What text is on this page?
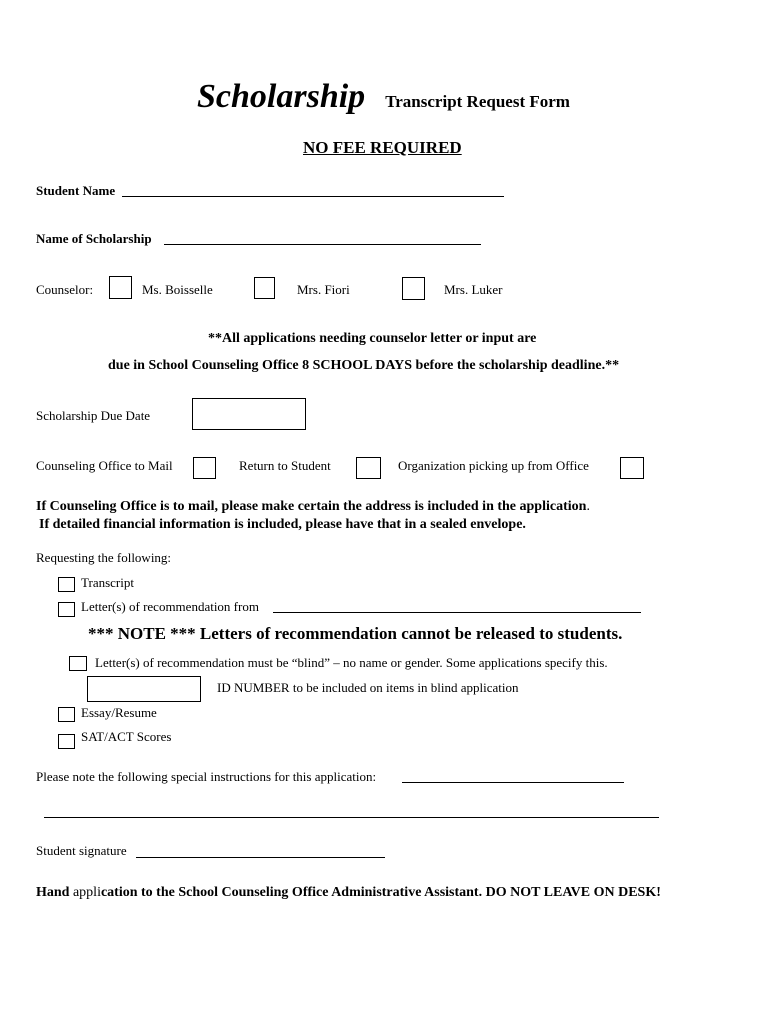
Scholarship Transcript Request Form
NO FEE REQUIRED
Student Name
Name of Scholarship
Counselor:	Ms. Boisselle	Mrs. Fiori	Mrs. Luker
**All applications needing counselor letter or input are
due in School Counseling Office 8 SCHOOL DAYS before the scholarship deadline.**
Scholarship Due Date
Counseling Office to Mail	Return to Student	Organization picking up from Office
If Counseling Office is to mail, please make certain the address is included in the application.
If detailed financial information is included, please have that in a sealed envelope.
Requesting the following:
Transcript
Letter(s) of recommendation from
*** NOTE *** Letters of recommendation cannot be released to students.
Letter(s) of recommendation must be “blind” – no name or gender. Some applications specify this.
ID NUMBER to be included on items in blind application
Essay/Resume
SAT/ACT Scores
Please note the following special instructions for this application:
Student signature
Hand application to the School Counseling Office Administrative Assistant. DO NOT LEAVE ON DESK!
